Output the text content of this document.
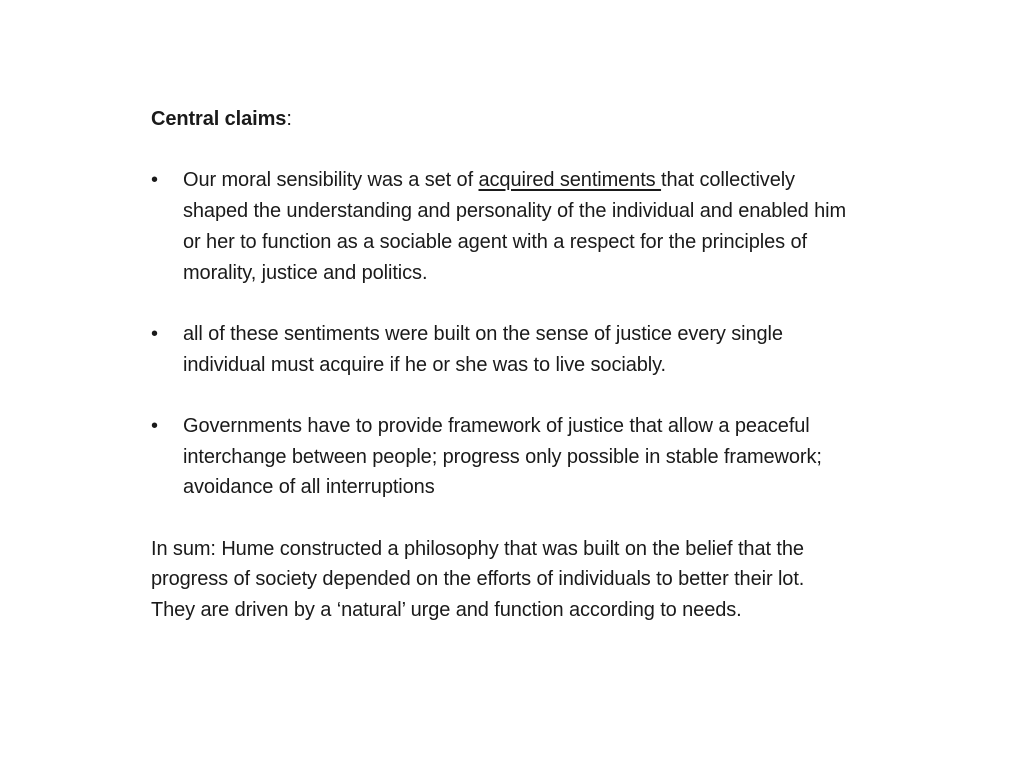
Central claims:

•	Our moral sensibility was a set of acquired sentiments that collectively shaped the understanding and personality of the individual and enabled him or her to function as a sociable agent with a respect for the principles of morality, justice and politics.

•	all of these sentiments were built on the sense of justice every single individual must acquire if he or she was to live sociably.

•	Governments have to provide framework of justice that allow a peaceful interchange between people; progress only possible in stable framework; avoidance of all interruptions

In sum: Hume constructed a philosophy that was built on the belief that the progress of society depended on the efforts of individuals to better their lot. They are driven by a ‘natural’ urge and function according to needs.
